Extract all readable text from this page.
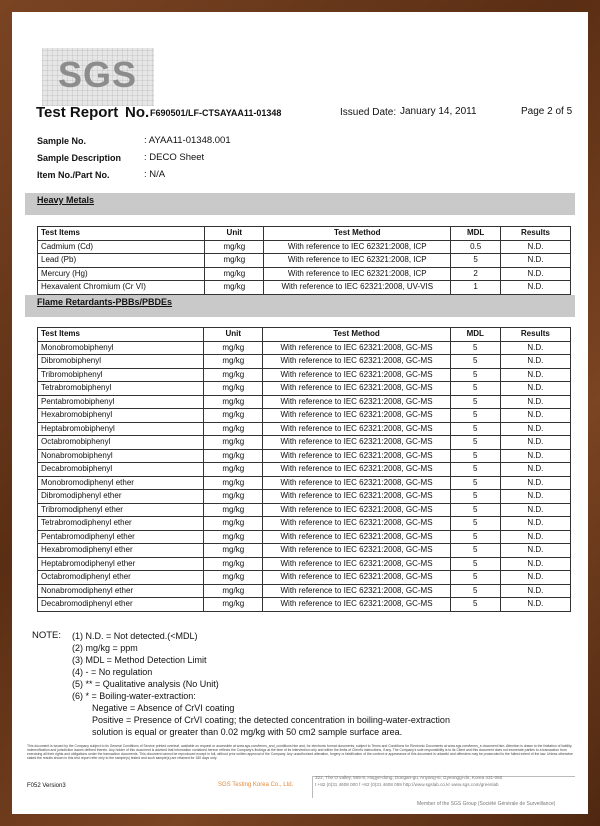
SGS
Test Report No. F690501/LF-CTSAYAA11-01348	Issued Date: January 14, 2011	Page 2 of 5
Sample No.	: AYAA11-01348.001
Sample Description : DECO Sheet
Item No./Part No.	: N/A
Heavy Metals
Test Items	Unit	Test Method	MDL	Results
Cadmium (Cd)	mg/kg	With reference to IEC 62321:2008, ICP	0.5	N.D.
Lead (Pb)	mg/kg	With reference to IEC 62321:2008, ICP	5	N.D.
Mercury (Hg)	mg/kg	With reference to IEC 62321:2008, ICP	2	N.D.
Hexavalent Chromium (Cr VI)	mg/kg	With reference to IEC 62321:2008, UV-VIS	1	N.D.
Flame Retardants-PBBs/PBDEs
Test Items	Unit	Test Method	MDL	Results
Monobromobiphenyl	mg/kg	With reference to IEC 62321:2008, GC-MS	5	N.D.
Dibromobiphenyl	mg/kg	With reference to IEC 62321:2008, GC-MS	5	N.D.
Tribromobiphenyl	mg/kg	With reference to IEC 62321:2008, GC-MS	5	N.D.
Tetrabromobiphenyl	mg/kg	With reference to IEC 62321:2008, GC-MS	5	N.D.
Pentabromobiphenyl	mg/kg	With reference to IEC 62321:2008, GC-MS	5	N.D.
Hexabromobiphenyl	mg/kg	With reference to IEC 62321:2008, GC-MS	5	N.D.
Heptabromobiphenyl	mg/kg	With reference to IEC 62321:2008, GC-MS	5	N.D.
Octabromobiphenyl	mg/kg	With reference to IEC 62321:2008, GC-MS	5	N.D.
Nonabromobiphenyl	mg/kg	With reference to IEC 62321:2008, GC-MS	5	N.D.
Decabromobiphenyl	mg/kg	With reference to IEC 62321:2008, GC-MS	5	N.D.
Monobromodiphenyl ether	mg/kg	With reference to IEC 62321:2008, GC-MS	5	N.D.
Dibromodiphenyl ether	mg/kg	With reference to IEC 62321:2008, GC-MS	5	N.D.
Tribromodiphenyl ether	mg/kg	With reference to IEC 62321:2008, GC-MS	5	N.D.
Tetrabromodiphenyl ether	mg/kg	With reference to IEC 62321:2008, GC-MS	5	N.D.
Pentabromodiphenyl ether	mg/kg	With reference to IEC 62321:2008, GC-MS	5	N.D.
Hexabromodiphenyl ether	mg/kg	With reference to IEC 62321:2008, GC-MS	5	N.D.
Heptabromodiphenyl ether	mg/kg	With reference to IEC 62321:2008, GC-MS	5	N.D.
Octabromodiphenyl ether	mg/kg	With reference to IEC 62321:2008, GC-MS	5	N.D.
Nonabromodiphenyl ether	mg/kg	With reference to IEC 62321:2008, GC-MS	5	N.D.
Decabromodiphenyl ether	mg/kg	With reference to IEC 62321:2008, GC-MS	5	N.D.
NOTE: (1) N.D. = Not detected.(<MDL)
(2) mg/kg = ppm
(3) MDL = Method Detection Limit
(4) - = No regulation
(5) ** = Qualitative analysis (No Unit)
(6) * = Boiling-water-extraction:
Negative = Absence of CrVI coating
Positive = Presence of CrVI coating; the detected concentration in boiling-water-extraction
solution is equal or greater than 0.02 mg/kg with 50 cm2 sample surface area.
This document is issued by the Company subject to its General Conditions of Service printed overleaf, available on request or accessible at www.sgs.com/terms_and_conditions.htm and, for electronic format documents, subject to Terms and Conditions for Electronic Documents at www.sgs.com/terms_e-document.htm. Attention is drawn to the limitation of liability, indemnification and jurisdiction issues defined therein. Any holder of this document is advised that information contained hereon reflects the Company's findings at the time of its intervention only and within the limits of Client's instructions, if any. The Company's sole responsibility is to its Client and this document does not exonerate parties to a transaction from exercising all their rights and obligations under the transaction documents. This document cannot be reproduced except in full, without prior written approval of the Company. Any unauthorized alteration, forgery or falsification of the content or appearance of this document is unlawful and offenders may be prosecuted to the fullest extent of the law. Unless otherwise stated the results shown in this test report refer only to the sample(s) tested and such sample(s) are retained for 180 days only.
F052 Version3	SGS Testing Korea Co., Ltd.
322, The O valley, 555-9, Hogye-dong, Dongan-gu, Anyang-si, Gyeonggi-do, Korea 431-080
t +82 (0)31 4608 000 f +82 (0)31 4608 059 http://www.sgslab.co.kr www.sgs.com/greenlab
Member of the SGS Group (Société Générale de Surveillance)
